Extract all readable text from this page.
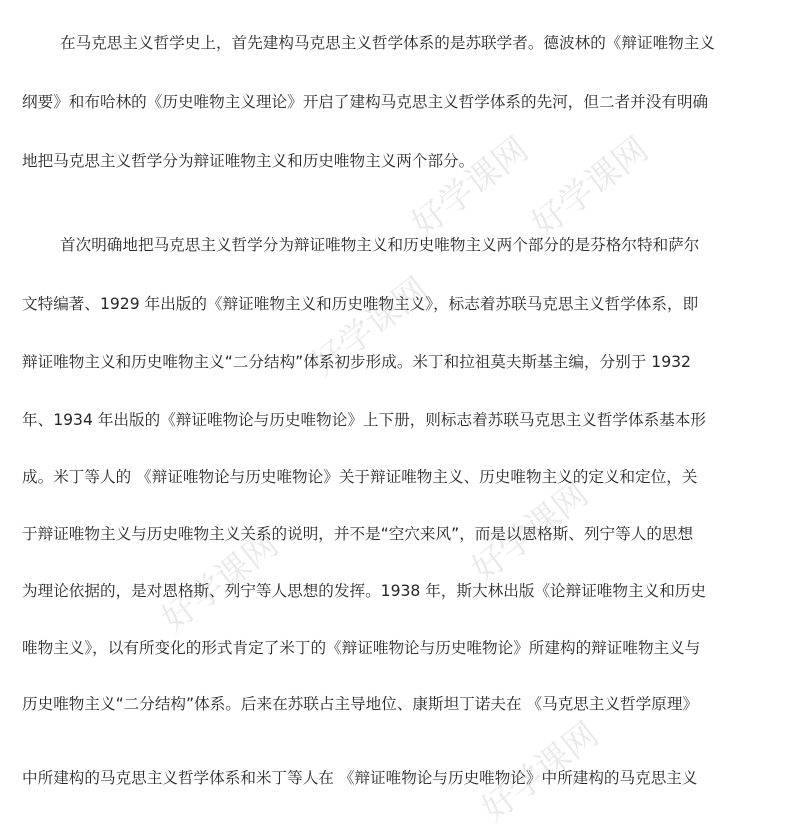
好学课网
好学课网
好学课网
好学课网	好学课网
好学课网
在马克思主义哲学史上，首先建构马克思主义哲学体系的是苏联学者。德波林的《辩证唯物主义
纲要》和布哈林的《历史唯物主义理论》开启了建构马克思主义哲学体系的先河，但二者并没有明确
地把马克思主义哲学分为辩证唯物主义和历史唯物主义两个部分。
首次明确地把马克思主义哲学分为辩证唯物主义和历史唯物主义两个部分的是芬格尔特和萨尔
文特编著、1929 年出版的《辩证唯物主义和历史唯物主义》，标志着苏联马克思主义哲学体系，即
辩证唯物主义和历史唯物主义“二分结构”体系初步形成。米丁和拉祖莫夫斯基主编，分别于 1932
年、1934 年出版的《辩证唯物论与历史唯物论》上下册，则标志着苏联马克思主义哲学体系基本形
成。米丁等人的 《辩证唯物论与历史唯物论》关于辩证唯物主义、历史唯物主义的定义和定位，关
于辩证唯物主义与历史唯物主义关系的说明，并不是“空穴来风”，而是以恩格斯、列宁等人的思想
为理论依据的，是对恩格斯、列宁等人思想的发挥。1938 年，斯大林出版《论辩证唯物主义和历史
唯物主义》，以有所变化的形式肯定了米丁的《辩证唯物论与历史唯物论》所建构的辩证唯物主义与
历史唯物主义“二分结构”体系。后来在苏联占主导地位、康斯坦丁诺夫在 《马克思主义哲学原理》
中所建构的马克思主义哲学体系和米丁等人在 《辩证唯物论与历史唯物论》中所建构的马克思主义
